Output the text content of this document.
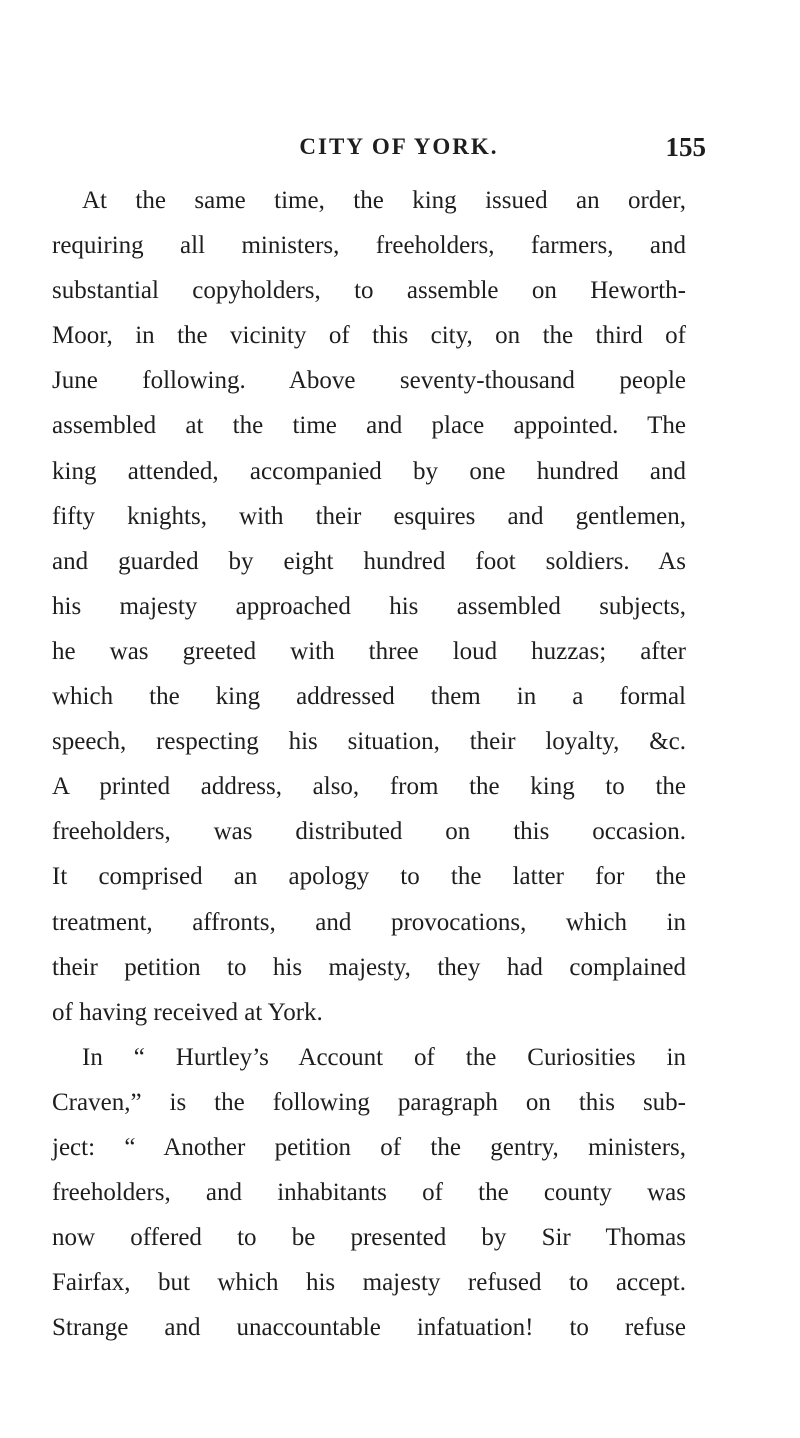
CITY OF YORK.	155
At the same time, the king issued an order,
requiring all ministers, freeholders, farmers, and
substantial copyholders, to assemble on Heworth-
Moor, in the vicinity of this city, on the third of
June following. Above seventy-thousand people
assembled at the time and place appointed. The
king attended, accompanied by one hundred and
fifty knights, with their esquires and gentlemen,
and guarded by eight hundred foot soldiers. As
his majesty approached his assembled subjects,
he was greeted with three loud huzzas; after
which the king addressed them in a formal
speech, respecting his situation, their loyalty, &c.
A printed address, also, from the king to the
freeholders, was distributed on this occasion.
It comprised an apology to the latter for the
treatment, affronts, and provocations, which in
their petition to his majesty, they had complained
of having received at York.
In “ Hurtley’s Account of the Curiosities in
Craven,” is the following paragraph on this sub-
ject: “ Another petition of the gentry, ministers,
freeholders, and inhabitants of the county was
now offered to be presented by Sir Thomas
Fairfax, but which his majesty refused to accept.
Strange and unaccountable infatuation! to refuse
